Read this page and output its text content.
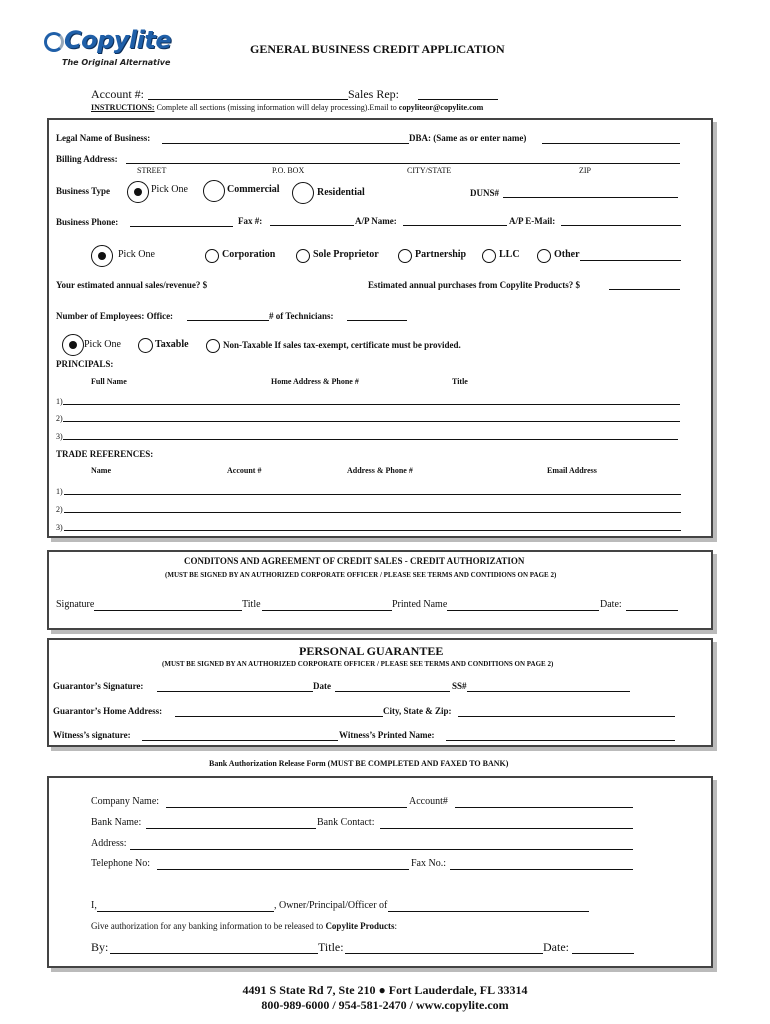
Copylite
The Original Alternative
GENERAL BUSINESS CREDIT APPLICATION
Account #:	Sales Rep:
INSTRUCTIONS: Complete all sections (missing information will delay processing).Email to copyliteor@copylite.com
Legal Name of Business:	DBA: (Same as or enter name)
Billing Address:
STREET	P.O. BOX	CITY/STATE	ZIP
Business Type	Pick One	Commercial	Residential	DUNS#
Business Phone:	Fax #:	A/P Name:	A/P E-Mail:
Pick One	Corporation	Sole Proprietor	Partnership	LLC	Other
Your estimated annual sales/revenue? $	Estimated annual purchases from Copylite Products? $
Number of Employees: Office:	# of Technicians:
Pick One	Taxable	Non-Taxable If sales tax-exempt, certificate must be provided.
PRINCIPALS:
Full Name	Home Address & Phone #	Title
1)
2)
3)
TRADE REFERENCES:
Name	Account #	Address & Phone #	Email Address
1)
2)
3)
CONDITONS AND AGREEMENT OF CREDIT SALES - CREDIT AUTHORIZATION
(MUST BE SIGNED BY AN AUTHORIZED CORPORATE OFFICER / PLEASE SEE TERMS AND CONTIDIONS ON PAGE 2)
Signature	Title	Printed Name	Date:
PERSONAL GUARANTEE
(MUST BE SIGNED BY AN AUTHORIZED CORPORATE OFFICER / PLEASE SEE TERMS AND CONDITIONS ON PAGE 2)
Guarantor’s Signature:	Date	SS#
Guarantor’s Home Address:	City, State & Zip:
Witness’s signature:	Witness’s Printed Name:
Bank Authorization Release Form (MUST BE COMPLETED AND FAXED TO BANK)
Company Name:	Account#
Bank Name:	Bank Contact:
Address:
Telephone No:	Fax No.:
I,	, Owner/Principal/Officer of
Give authorization for any banking information to be released to Copylite Products:
By:	Title:	Date:
4491 S State Rd 7, Ste 210 ● Fort Lauderdale, FL 33314
800-989-6000 / 954-581-2470 / www.copylite.com
